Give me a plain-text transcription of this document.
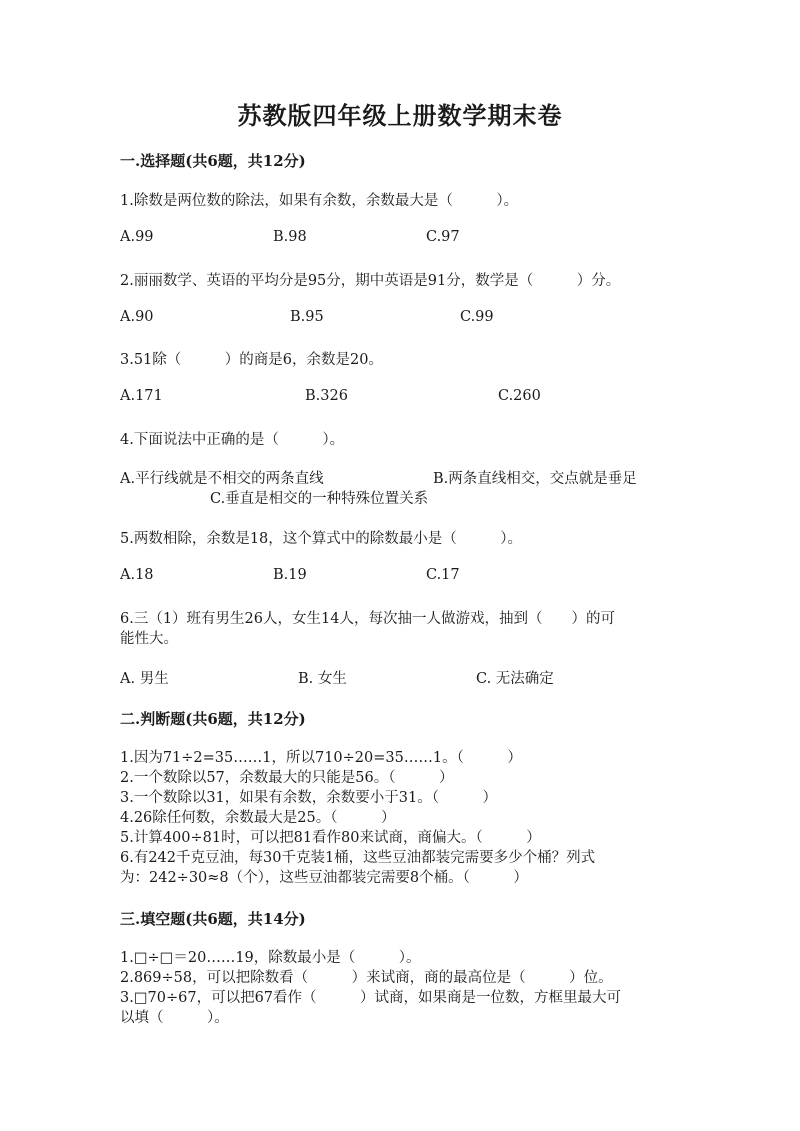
苏教版四年级上册数学期末卷
一.选择题(共6题，共12分)
1.除数是两位数的除法，如果有余数，余数最大是（　　　）。
A.99	B.98	C.97
2.丽丽数学、英语的平均分是95分，期中英语是91分，数学是（　　　）分。
A.90	B.95	C.99
3.51除（　　　）的商是6，余数是20。
A.171	B.326	C.260
4.下面说法中正确的是（　　　）。
A.平行线就是不相交的两条直线	B.两条直线相交，交点就是垂足
C.垂直是相交的一种特殊位置关系
5.两数相除，余数是18，这个算式中的除数最小是（　　　）。
A.18	B.19	C.17
6.三（1）班有男生26人，女生14人，每次抽一人做游戏，抽到（　　）的可
能性大。
A. 男生	B. 女生	C. 无法确定
二.判断题(共6题，共12分)
1.因为71÷2=35……1，所以710÷20=35……1。（　　　）
2.一个数除以57，余数最大的只能是56。（　　　）
3.一个数除以31，如果有余数，余数要小于31。（　　　）
4.26除任何数，余数最大是25。（　　　）
5.计算400÷81时，可以把81看作80来试商，商偏大。（　　　）
6.有242千克豆油，每30千克装1桶，这些豆油都装完需要多少个桶？列式
为：242÷30≈8（个），这些豆油都装完需要8个桶。（　　　）
三.填空题(共6题，共14分)
1.□÷□＝20……19，除数最小是（　　　）。
2.869÷58，可以把除数看（　　　）来试商，商的最高位是（　　　）位。
3.□70÷67，可以把67看作（　　　）试商，如果商是一位数，方框里最大可
以填（　　　）。
